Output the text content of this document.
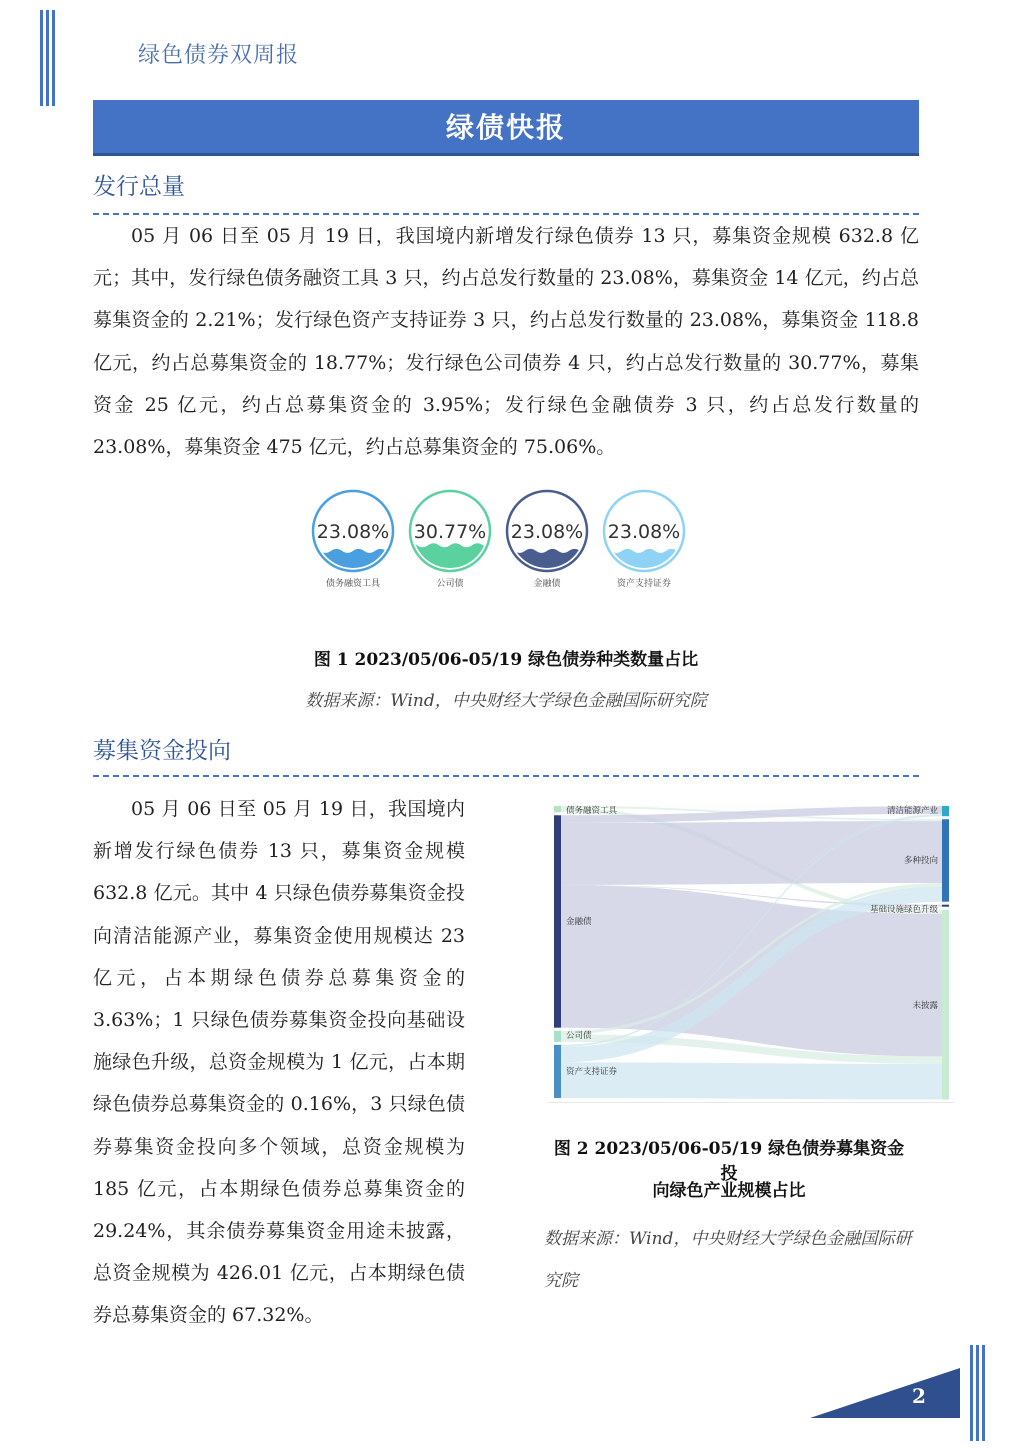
绿色债券双周报
绿债快报
发行总量
05 月 06 日至 05 月 19 日，我国境内新增发行绿色债券 13 只，募集资金规模 632.8 亿元；其中，发行绿色债务融资工具 3 只，约占总发行数量的 23.08%，募集资金 14 亿元，约占总募集资金的 2.21%；发行绿色资产支持证券 3 只，约占总发行数量的 23.08%，募集资金 118.8 亿元，约占总募集资金的 18.77%；发行绿色公司债券 4 只，约占总发行数量的 30.77%，募集资金 25 亿元，约占总募集资金的 3.95%；发行绿色金融债券 3 只，约占总发行数量的 23.08%，募集资金 475 亿元，约占总募集资金的 75.06%。
23.08%
债务融资工具
30.77%
公司债
23.08%
金融债
23.08%
资产支持证券
图 1 2023/05/06-05/19 绿色债券种类数量占比
数据来源：Wind，中央财经大学绿色金融国际研究院
募集资金投向
05 月 06 日至 05 月 19 日，我国境内新增发行绿色债券 13 只，募集资金规模 632.8 亿元。其中 4 只绿色债券募集资金投向清洁能源产业，募集资金使用规模达 23 亿元，占本期绿色债券总募集资金的 3.63%；1 只绿色债券募集资金投向基础设施绿色升级，总资金规模为 1 亿元，占本期绿色债券总募集资金的 0.16%，3 只绿色债券募集资金投向多个领域，总资金规模为 185 亿元，占本期绿色债券总募集资金的 29.24%，其余债券募集资金用途未披露，总资金规模为 426.01 亿元，占本期绿色债券总募集资金的 67.32%。
债务融资工具
金融债
公司债
资产支持证券
清洁能源产业
多种投向
基础设施绿色升级
未披露
图 2 2023/05/06-05/19 绿色债券募集资金投
向绿色产业规模占比
数据来源：Wind，中央财经大学绿色金融国际研究院
2
